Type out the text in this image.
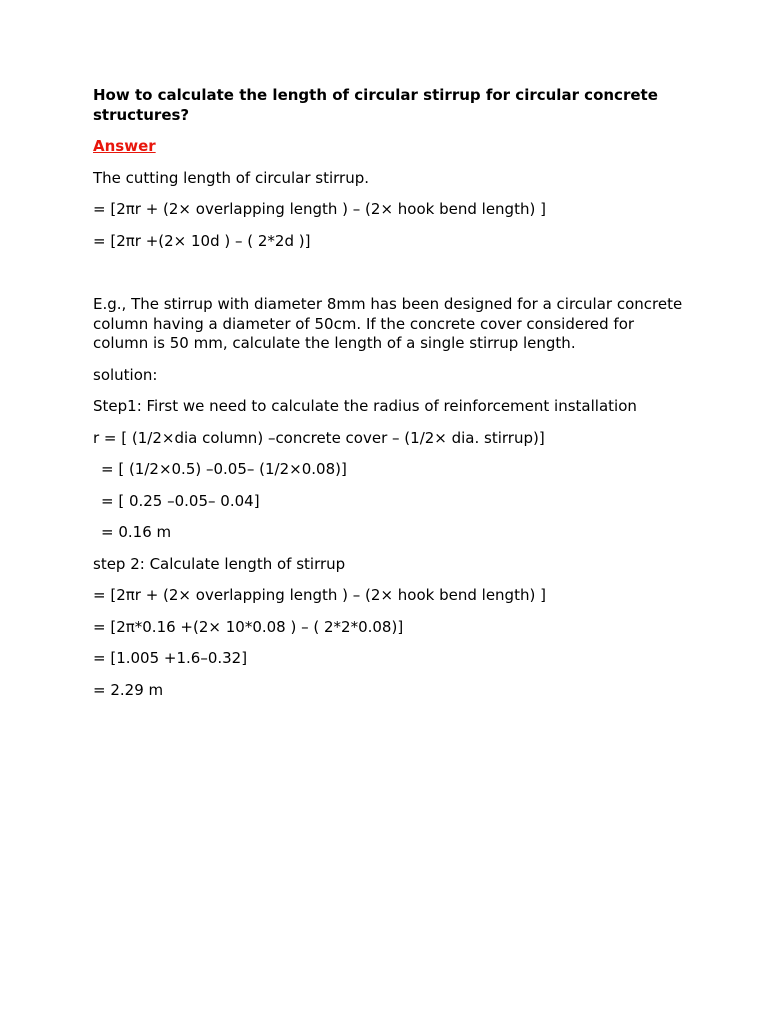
How to calculate the length of circular stirrup for circular concrete structures?

Answer

The cutting length of circular stirrup.

= [2πr + (2× overlapping length ) – (2× hook bend length) ]

= [2πr +(2× 10d ) – ( 2*2d )]

E.g., The stirrup with diameter 8mm has been designed for a circular concrete column having a diameter of 50cm. If the concrete cover considered for column is 50 mm, calculate the length of a single stirrup length.

solution:

Step1: First we need to calculate the radius of reinforcement installation

r = [ (1/2×dia column) –concrete cover – (1/2× dia. stirrup)]

= [ (1/2×0.5) –0.05– (1/2×0.08)]

= [ 0.25 –0.05– 0.04]

= 0.16 m

step 2: Calculate length of stirrup

= [2πr + (2× overlapping length ) – (2× hook bend length) ]

= [2π*0.16 +(2× 10*0.08 ) – ( 2*2*0.08)]

= [1.005 +1.6–0.32]

= 2.29 m
